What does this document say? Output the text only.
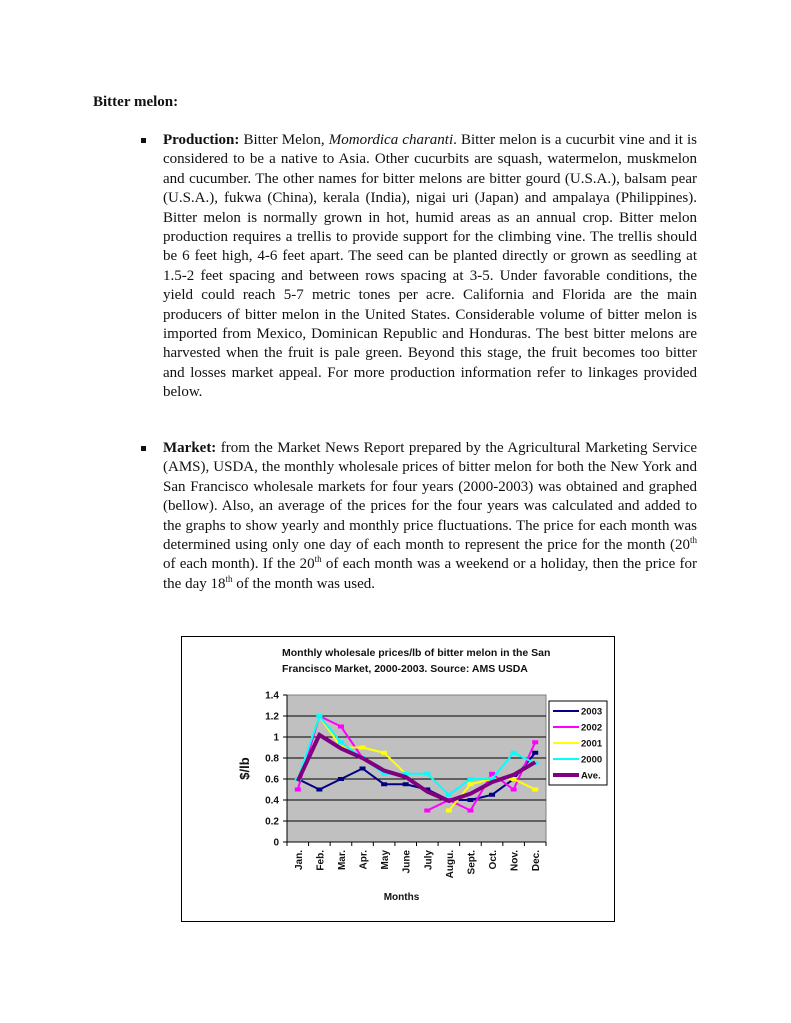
Bitter melon:
Production: Bitter Melon, Momordica charanti. Bitter melon is a cucurbit vine and it is considered to be a native to Asia. Other cucurbits are squash, watermelon, muskmelon and cucumber. The other names for bitter melons are bitter gourd (U.S.A.), balsam pear (U.S.A.), fukwa (China), kerala (India), nigai uri (Japan) and ampalaya (Philippines). Bitter melon is normally grown in hot, humid areas as an annual crop. Bitter melon production requires a trellis to provide support for the climbing vine. The trellis should be 6 feet high, 4-6 feet apart. The seed can be planted directly or grown as seedling at 1.5-2 feet spacing and between rows spacing at 3-5. Under favorable conditions, the yield could reach 5-7 metric tones per acre. California and Florida are the main producers of bitter melon in the United States. Considerable volume of bitter melon is imported from Mexico, Dominican Republic and Honduras. The best bitter melons are harvested when the fruit is pale green. Beyond this stage, the fruit becomes too bitter and losses market appeal. For more production information refer to linkages provided below.
Market: from the Market News Report prepared by the Agricultural Marketing Service (AMS), USDA, the monthly wholesale prices of bitter melon for both the New York and San Francisco wholesale markets for four years (2000-2003) was obtained and graphed (bellow). Also, an average of the prices for the four years was calculated and added to the graphs to show yearly and monthly price fluctuations. The price for each month was determined using only one day of each month to represent the price for the month (20th of each month). If the 20th of each month was a weekend or a holiday, then the price for the day 18th of the month was used.
Monthly wholesale prices/lb of bitter melon in the San Francisco Market, 2000-2003. Source: AMS USDA
0
0.2
0.4
0.6
0.8
1
1.2
1.4
Jan. Feb. Mar. Apr. May June July Augu. Sept. Oct. Nov. Dec.
Months
$/lb
2003
2002
2001
2000
Ave.
